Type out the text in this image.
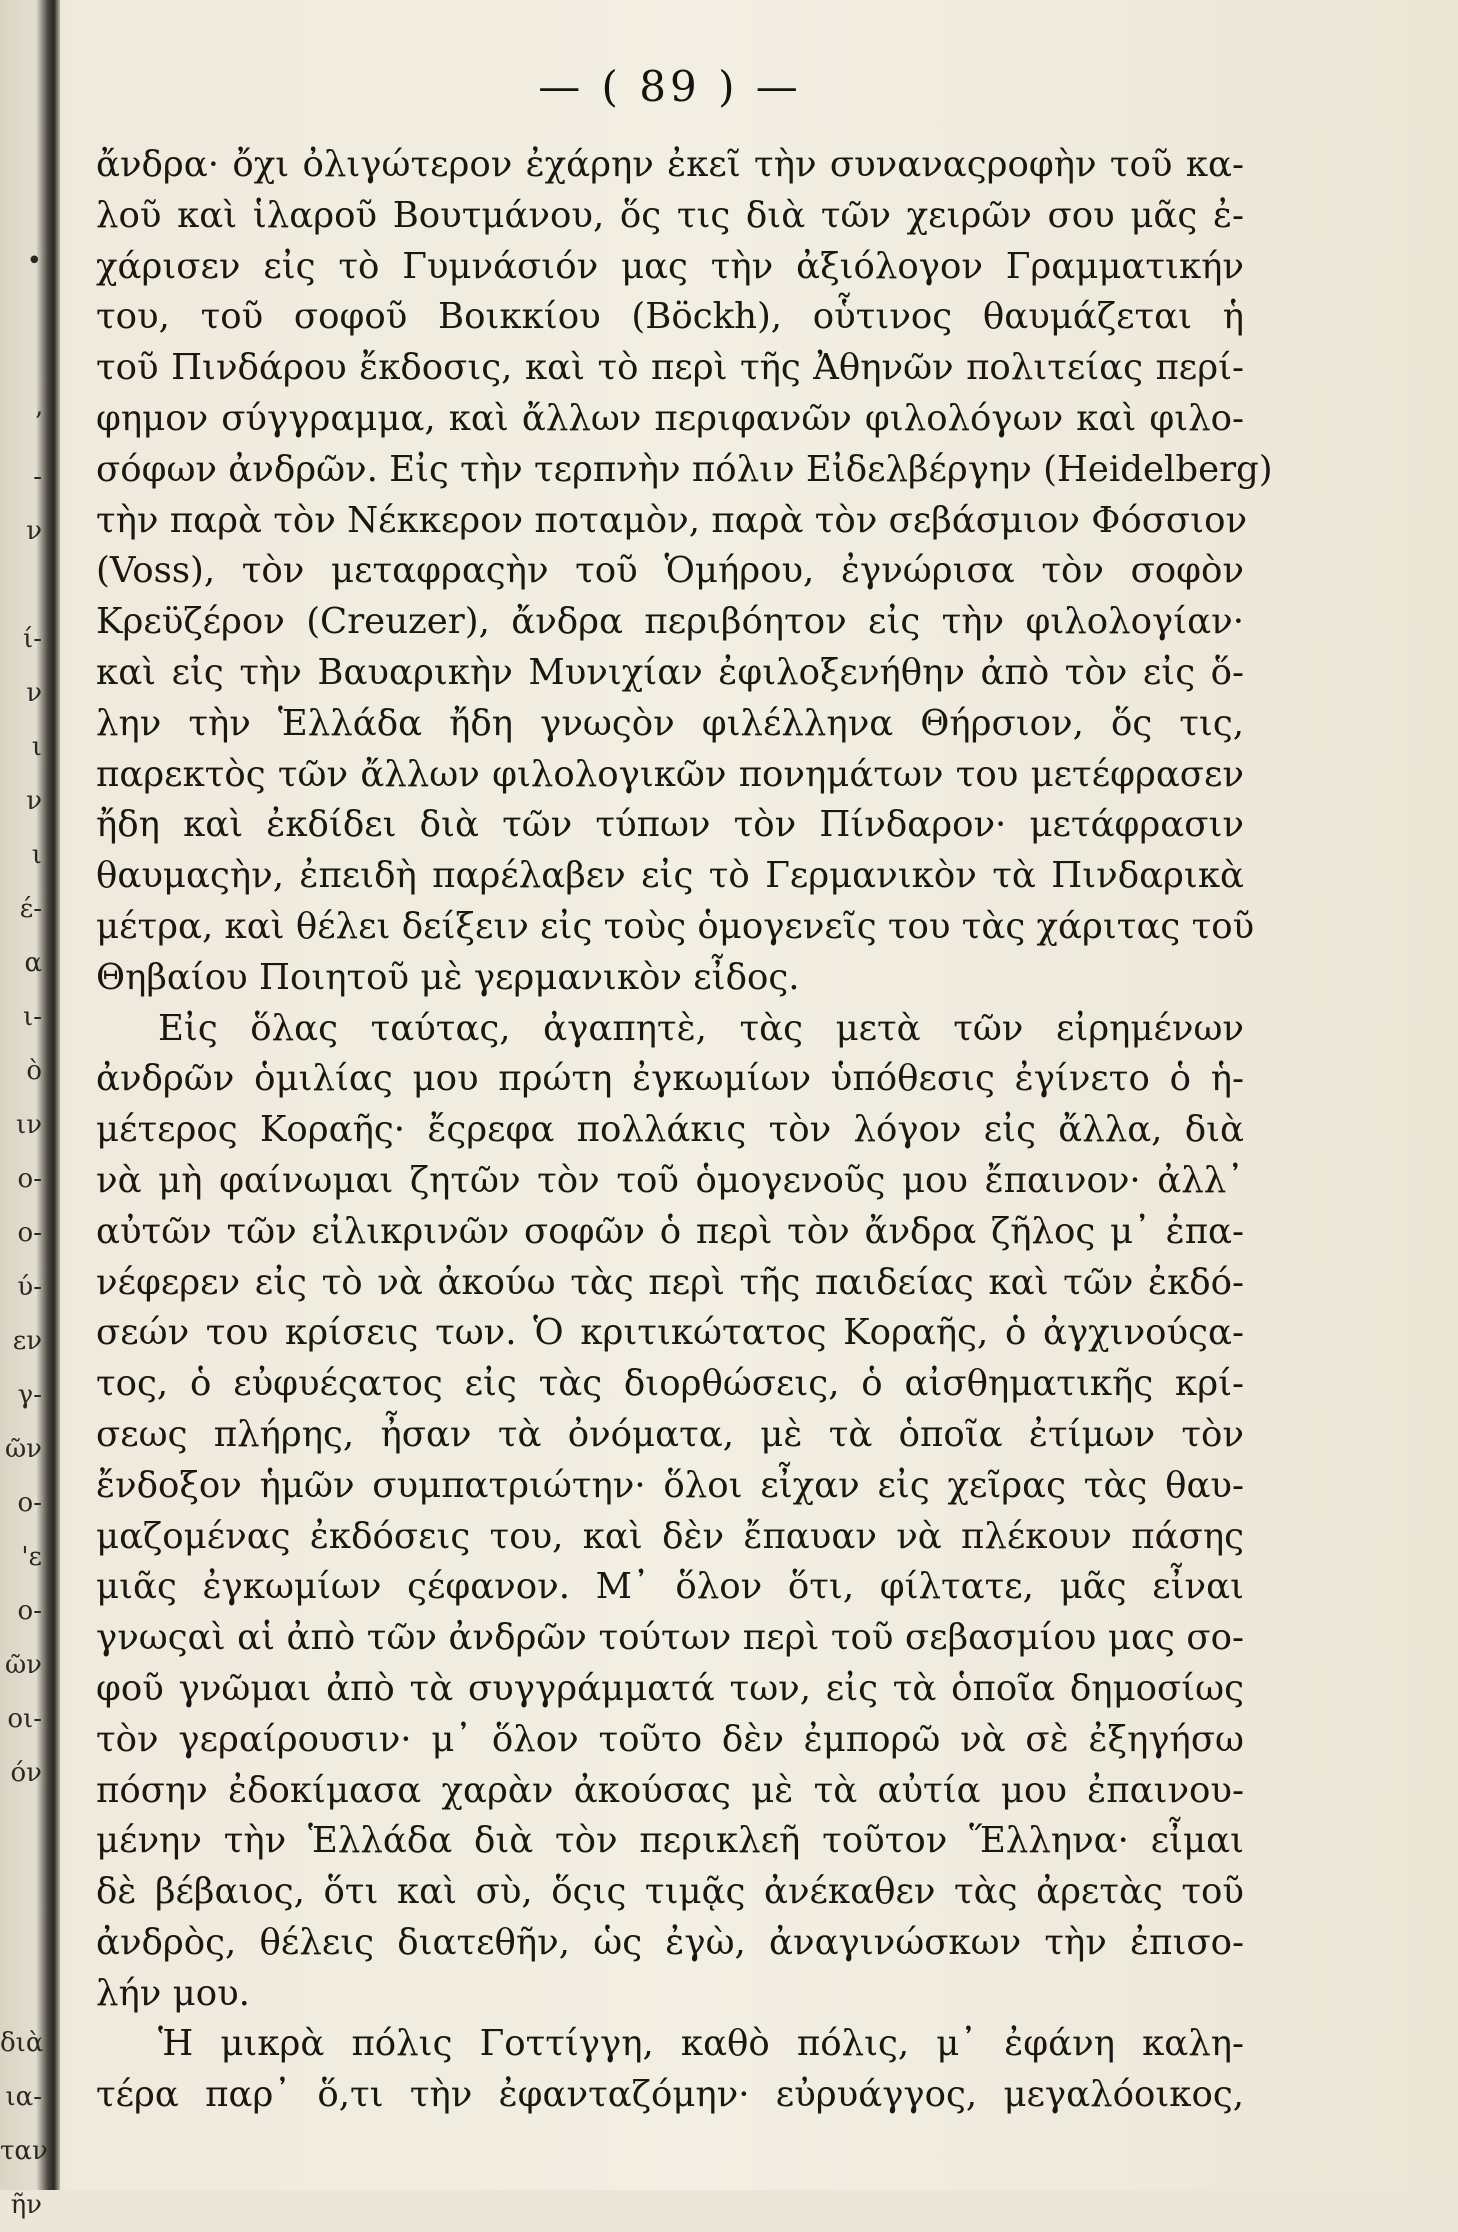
•
ʼ
-
ν
ί-
ν
ι
ν
ι
έ-
α
ι-
ὸ
ιν
ο-
ο-
ύ-
εν
γ-
ῶν
ο-
'ε
ο-
ῶν
οι-
όν
διὰ
ια-
ταν
ῆν
— ( 89 ) —
ἄνδρα· ὄχι ὀλιγώτερον ἐχάρην ἐκεῖ τὴν συναναςροφὴν τοῦ κα-
λοῦ καὶ ἱλαροῦ Βουτμάνου, ὅς τις διὰ τῶν χειρῶν σου μᾶς ἐ-
χάρισεν εἰς τὸ Γυμνάσιόν μας τὴν ἀξιόλογον Γραμματικήν
του, τοῦ σοφοῦ Βοικκίου (Böckh), οὗτινος θαυμάζεται ἡ
τοῦ Πινδάρου ἔκδοσις, καὶ τὸ περὶ τῆς Ἀθηνῶν πολιτείας περί-
φημον σύγγραμμα, καὶ ἄλλων περιφανῶν φιλολόγων καὶ φιλο-
σόφων ἀνδρῶν. Εἰς τὴν τερπνὴν πόλιν Εἰδελβέργην (Heidelberg)
τὴν παρὰ τὸν Νέκκερον ποταμὸν, παρὰ τὸν σεβάσμιον Φόσσιον
(Voss), τὸν μεταφραςὴν τοῦ Ὁμήρου, ἐγνώρισα τὸν σοφὸν
Κρεϋζέρον (Creuzer), ἄνδρα περιβόητον εἰς τὴν φιλολογίαν·
καὶ εἰς τὴν Βαυαρικὴν Μυνιχίαν ἐφιλοξενήθην ἀπὸ τὸν εἰς ὅ-
λην τὴν Ἑλλάδα ἤδη γνωςὸν φιλέλληνα Θήρσιον, ὅς τις,
παρεκτὸς τῶν ἄλλων φιλολογικῶν πονημάτων του μετέφρασεν
ἤδη καὶ ἐκδίδει διὰ τῶν τύπων τὸν Πίνδαρον· μετάφρασιν
θαυμαςὴν, ἐπειδὴ παρέλαβεν εἰς τὸ Γερμανικὸν τὰ Πινδαρικὰ
μέτρα, καὶ θέλει δείξειν εἰς τοὺς ὁμογενεῖς του τὰς χάριτας τοῦ
Θηβαίου Ποιητοῦ μὲ γερμανικὸν εἶδος.
Εἰς ὅλας ταύτας, ἀγαπητὲ, τὰς μετὰ τῶν εἰρημένων
ἀνδρῶν ὁμιλίας μου πρώτη ἐγκωμίων ὑπόθεσις ἐγίνετο ὁ ἡ-
μέτερος Κοραῆς· ἔςρεφα πολλάκις τὸν λόγον εἰς ἄλλα, διὰ
νὰ μὴ φαίνωμαι ζητῶν τὸν τοῦ ὁμογενοῦς μου ἔπαινον· ἀλλ᾽
αὐτῶν τῶν εἰλικρινῶν σοφῶν ὁ περὶ τὸν ἄνδρα ζῆλος μ᾽ ἐπα-
νέφερεν εἰς τὸ νὰ ἀκούω τὰς περὶ τῆς παιδείας καὶ τῶν ἐκδό-
σεών του κρίσεις των. Ὁ κριτικώτατος Κοραῆς, ὁ ἀγχινούςα-
τος, ὁ εὐφυέςατος εἰς τὰς διορθώσεις, ὁ αἰσθηματικῆς κρί-
σεως πλήρης, ἦσαν τὰ ὀνόματα, μὲ τὰ ὁποῖα ἐτίμων τὸν
ἔνδοξον ἡμῶν συμπατριώτην· ὅλοι εἶχαν εἰς χεῖρας τὰς θαυ-
μαζομένας ἐκδόσεις του, καὶ δὲν ἔπαυαν νὰ πλέκουν πάσης
μιᾶς ἐγκωμίων ςέφανον. Μ᾽ ὅλον ὅτι, φίλτατε, μᾶς εἶναι
γνωςαὶ αἱ ἀπὸ τῶν ἀνδρῶν τούτων περὶ τοῦ σεβασμίου μας σο-
φοῦ γνῶμαι ἀπὸ τὰ συγγράμματά των, εἰς τὰ ὁποῖα δημοσίως
τὸν γεραίρουσιν· μ᾽ ὅλον τοῦτο δὲν ἐμπορῶ νὰ σὲ ἐξηγήσω
πόσην ἐδοκίμασα χαρὰν ἀκούσας μὲ τὰ αὐτία μου ἐπαινου-
μένην τὴν Ἑλλάδα διὰ τὸν περικλεῆ τοῦτον Ἕλληνα· εἶμαι
δὲ βέβαιος, ὅτι καὶ σὺ, ὅςις τιμᾷς ἀνέκαθεν τὰς ἀρετὰς τοῦ
ἀνδρὸς, θέλεις διατεθῆν, ὡς ἐγὼ, ἀναγινώσκων τὴν ἐπισο-
λήν μου.
Ἡ μικρὰ πόλις Γοττίγγη, καθὸ πόλις, μ᾽ ἐφάνη καλη-
τέρα παρ᾽ ὅ,τι τὴν ἐφανταζόμην· εὐρυάγγος, μεγαλόοικος,
